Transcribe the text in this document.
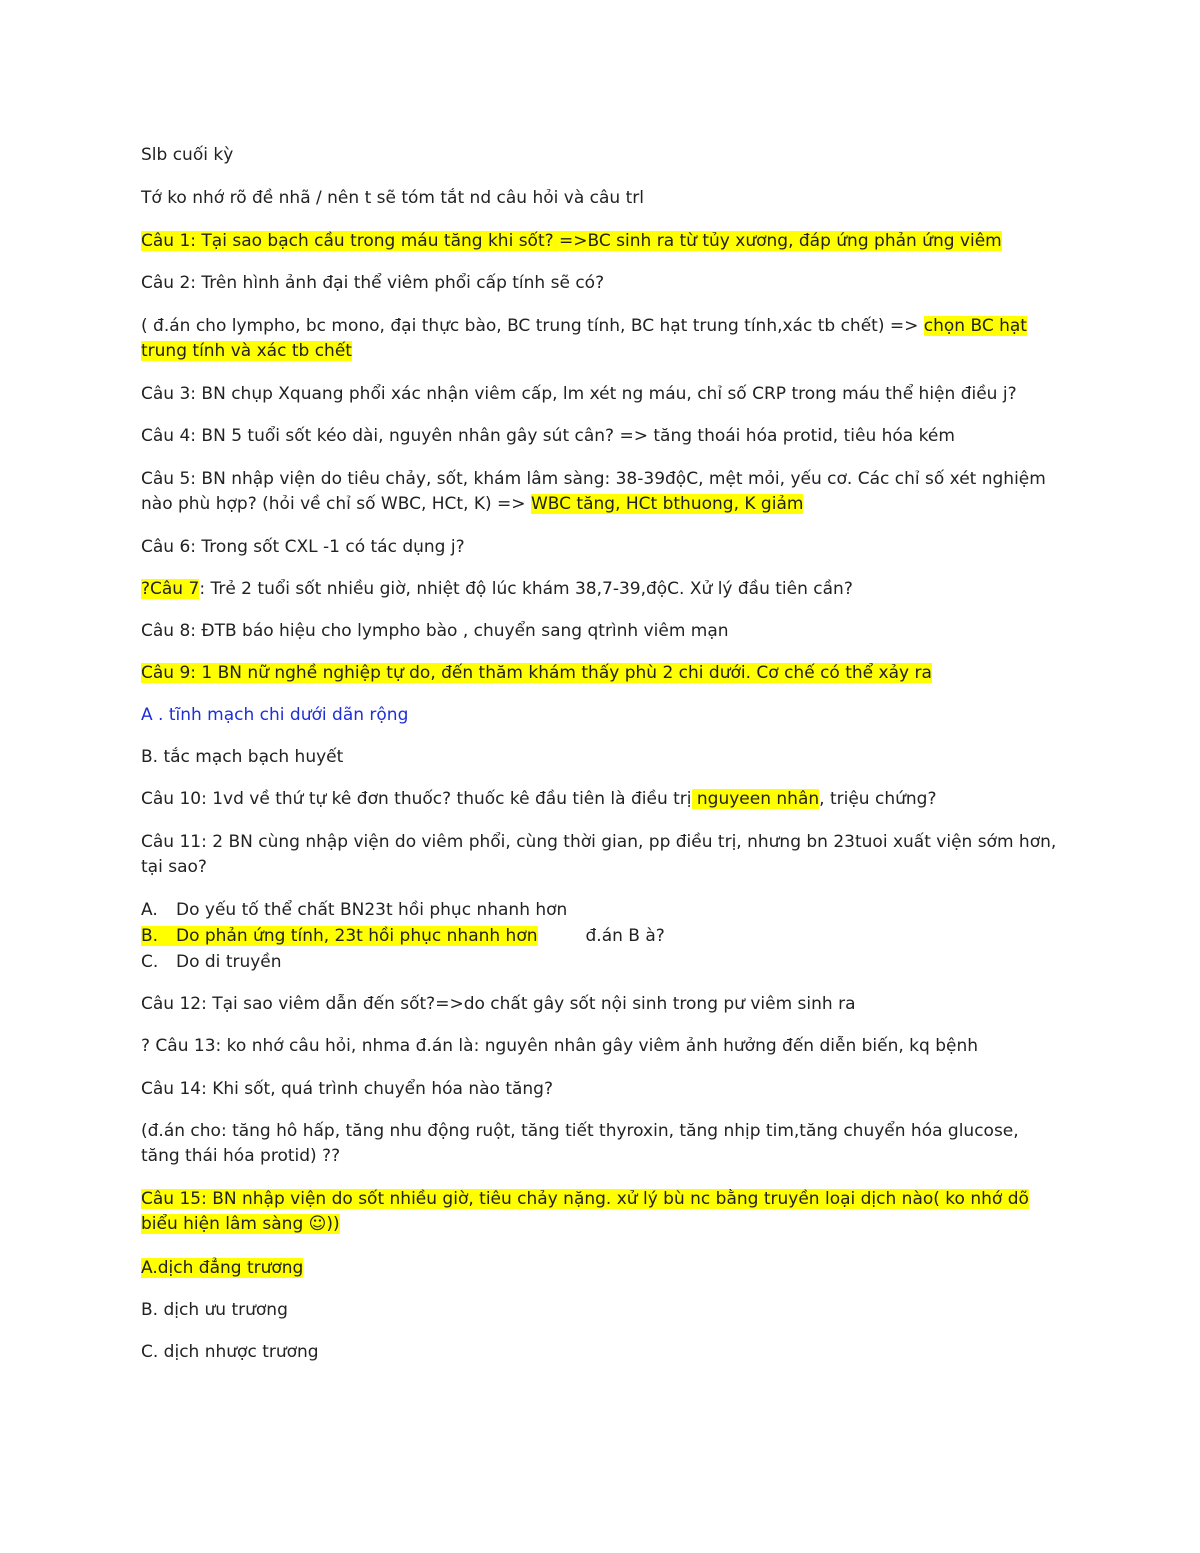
Slb cuối kỳ

Tớ ko nhớ rõ đề nhã / nên t sẽ tóm tắt nd câu hỏi và câu trl

Câu 1: Tại sao bạch cầu trong máu tăng khi sốt? =>BC sinh ra từ tủy xương, đáp ứng phản ứng viêm

Câu 2: Trên hình ảnh đại thể viêm phổi cấp tính sẽ có?

( đ.án cho lympho, bc mono, đại thực bào, BC trung tính, BC hạt trung tính,xác tb chết) => chọn BC hạt trung tính và xác tb chết

Câu 3: BN chụp Xquang phổi xác nhận viêm cấp, lm xét ng máu, chỉ số CRP trong máu thể hiện điều j?

Câu 4: BN 5 tuổi sốt kéo dài, nguyên nhân gây sút cân? => tăng thoái hóa protid, tiêu hóa kém

Câu 5: BN nhập viện do tiêu chảy, sốt, khám lâm sàng: 38-39độC, mệt mỏi, yếu cơ. Các chỉ số xét nghiệm nào phù hợp? (hỏi về chỉ số WBC, HCt, K) => WBC tăng, HCt bthuong, K giảm

Câu 6: Trong sốt CXL -1 có tác dụng j?

?Câu 7: Trẻ 2 tuổi sốt nhiều giờ, nhiệt độ lúc khám 38,7-39,độC. Xử lý đầu tiên cần?

Câu 8: ĐTB báo hiệu cho lympho bào , chuyển sang qtrình viêm mạn

Câu 9: 1 BN nữ nghề nghiệp tự do, đến thăm khám thấy phù 2 chi dưới. Cơ chế có thể xảy ra

A . tĩnh mạch chi dưới dãn rộng

B. tắc mạch bạch huyết

Câu 10: 1vd về thứ tự kê đơn thuốc? thuốc kê đầu tiên là điều trị nguyeen nhân, triệu chứng?

Câu 11: 2 BN cùng nhập viện do viêm phổi, cùng thời gian, pp điều trị, nhưng bn 23tuoi xuất viện sớm hơn, tại sao?

A. Do yếu tố thể chất BN23t hồi phục nhanh hơn
B. Do phản ứng tính, 23t hồi phục nhanh hơn	đ.án B à?
C. Do di truyền

Câu 12: Tại sao viêm dẫn đến sốt?=>do chất gây sốt nội sinh trong pư viêm sinh ra

? Câu 13: ko nhớ câu hỏi, nhma đ.án là: nguyên nhân gây viêm ảnh hưởng đến diễn biến, kq bệnh

Câu 14: Khi sốt, quá trình chuyển hóa nào tăng?

(đ.án cho: tăng hô hấp, tăng nhu động ruột, tăng tiết thyroxin, tăng nhịp tim,tăng chuyển hóa glucose, tăng thái hóa protid) ??

Câu 15: BN nhập viện do sốt nhiều giờ, tiêu chảy nặng. xử lý bù nc bằng truyền loại dịch nào( ko nhớ dõ biểu hiện lâm sàng ☺))

A.dịch đẳng trương

B. dịch ưu trương

C. dịch nhược trương
